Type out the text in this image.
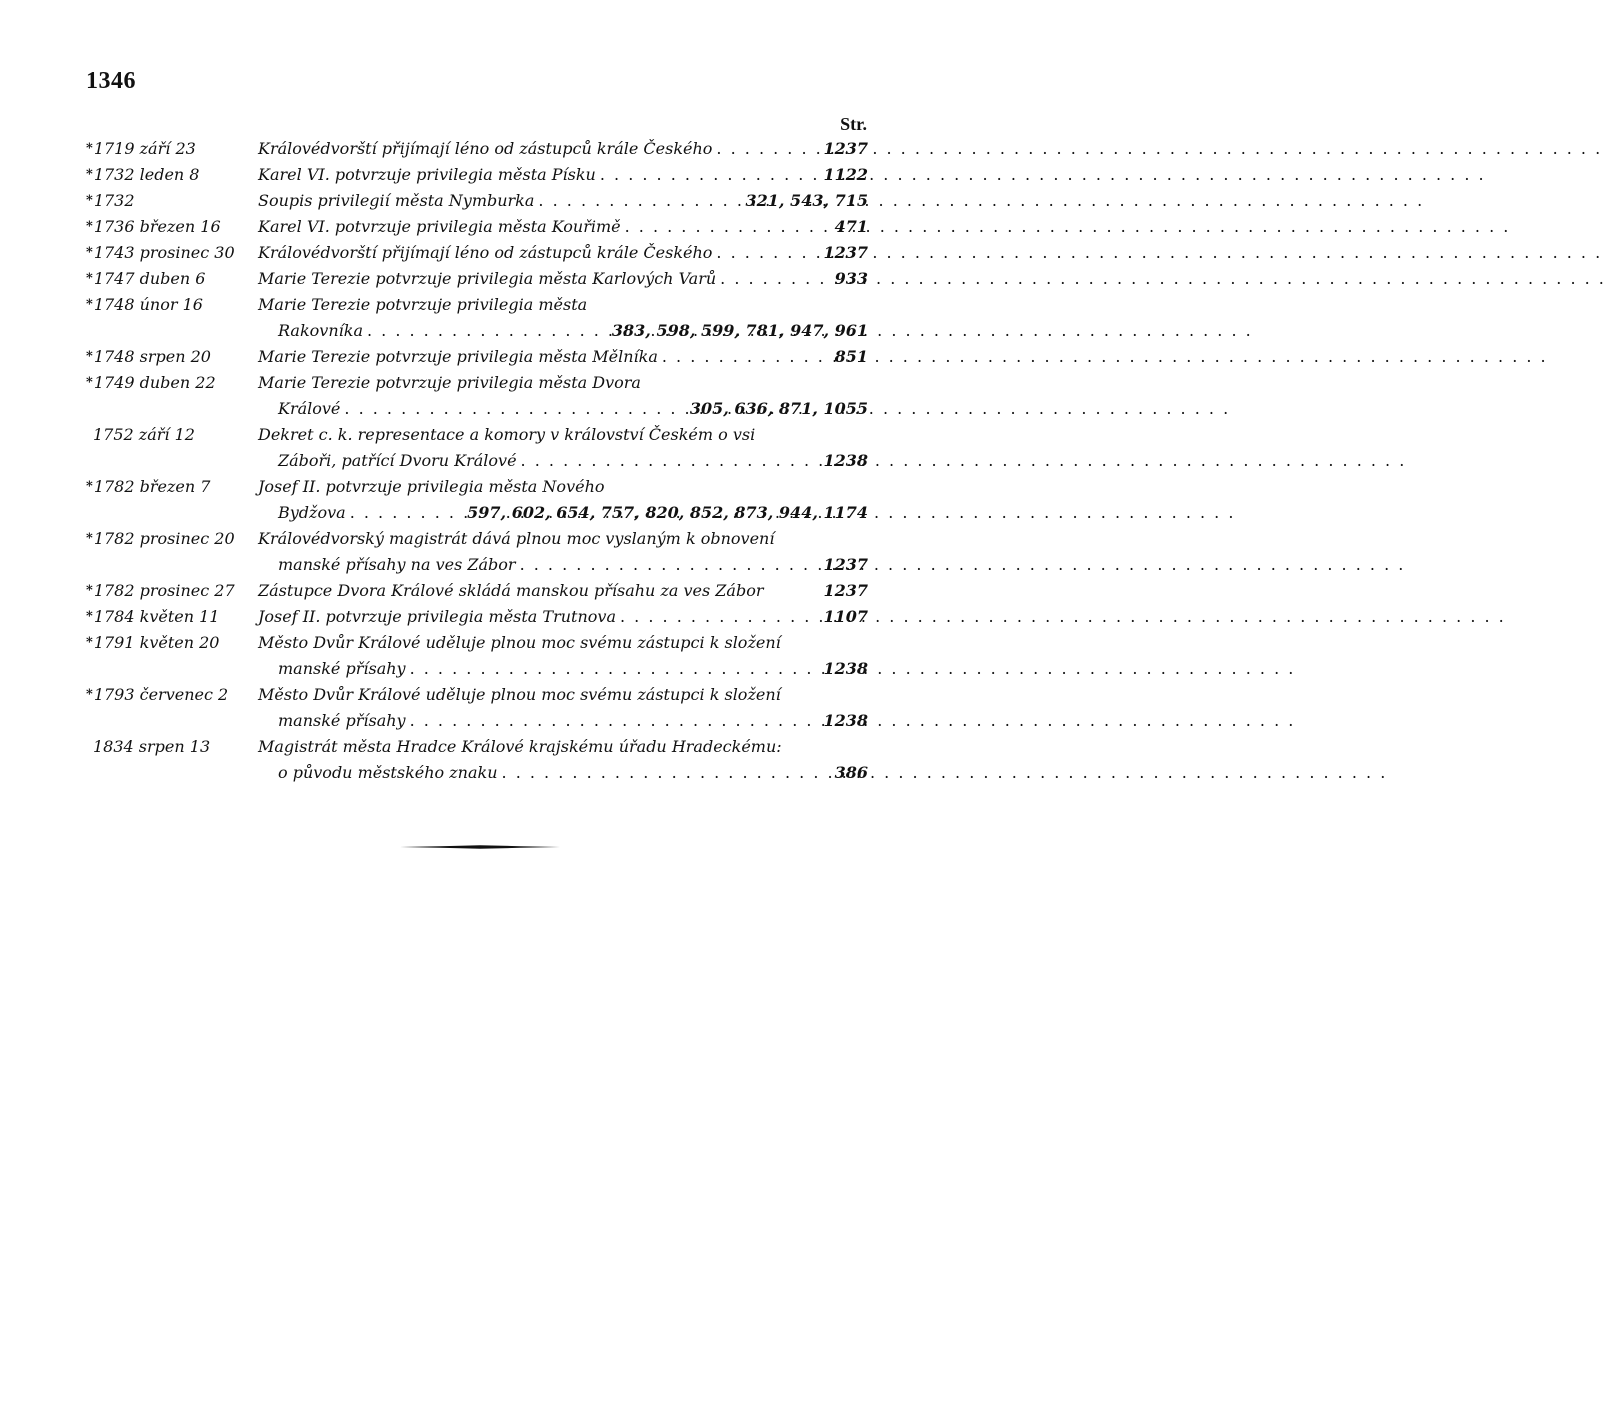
1346
Str.
*1719 září 23	Královédvorští přijímají léno od zástupců krále Českého . . .	1237
*1732 leden 8	Karel VI. potvrzuje privilegia města Písku . . .	1122
*1732	Soupis privilegií města Nymburka . . .	321, 543, 715
*1736 březen 16	Karel VI. potvrzuje privilegia města Kouřimě . . .	471
*1743 prosinec 30	Královédvorští přijímají léno od zástupců krále Českého . . .	1237
*1747 duben 6	Marie Terezie potvrzuje privilegia města Karlových Varů . . .	933
*1748 únor 16	Marie Terezie potvrzuje privilegia města
Rakovníka . . .	383, 598, 599, 781, 947, 961
*1748 srpen 20	Marie Terezie potvrzuje privilegia města Mělníka . . .	851
*1749 duben 22	Marie Terezie potvrzuje privilegia města Dvora
Králové . . .	305, 636, 871, 1055
1752 září 12	Dekret c. k. representace a komory v království Českém o vsi
Záboři, patřící Dvoru Králové . . .	1238
*1782 březen 7	Josef II. potvrzuje privilegia města Nového
Bydžova . . .	597, 602, 654, 757, 820, 852, 873, 944, 1174
*1782 prosinec 20	Královédvorský magistrát dává plnou moc vyslaným k obnovení
manské přísahy na ves Zábor . . .	1237
*1782 prosinec 27	Zástupce Dvora Králové skládá manskou přísahu za ves Zábor	1237
*1784 květen 11	Josef II. potvrzuje privilegia města Trutnova . . .	1107
*1791 květen 20	Město Dvůr Králové uděluje plnou moc svému zástupci k složení
manské přísahy . . .	1238
*1793 červenec 2	Město Dvůr Králové uděluje plnou moc svému zástupci k složení
manské přísahy . . .	1238
1834 srpen 13	Magistrát města Hradce Králové krajskému úřadu Hradeckému:
o původu městského znaku . . .	386
